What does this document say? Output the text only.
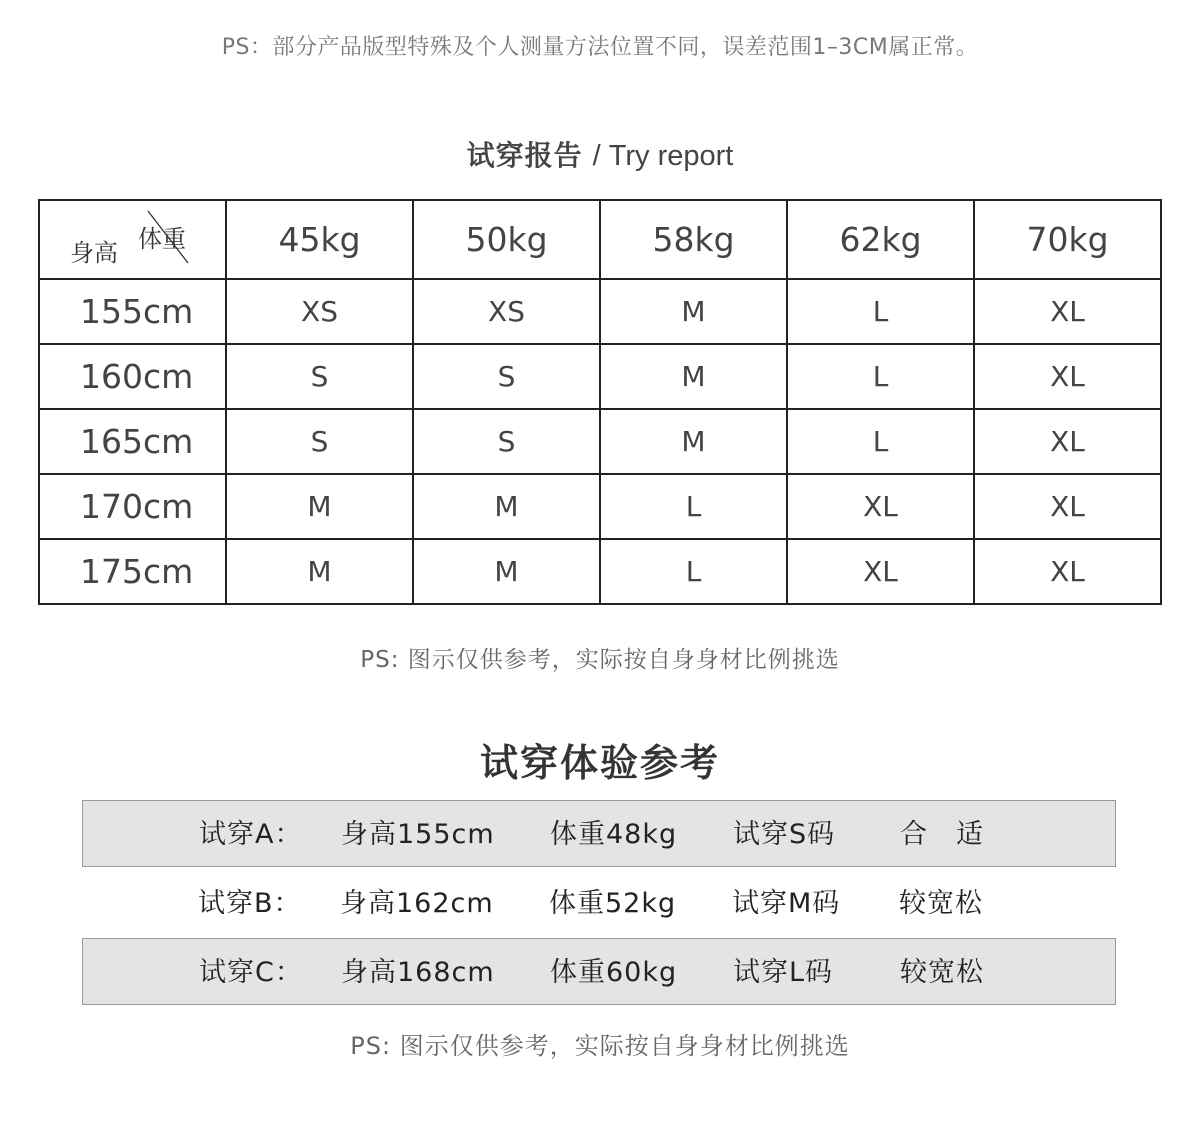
PS：部分产品版型特殊及个人测量方法位置不同，误差范围1–3CM属正常。
试穿报告 / Try report
体重
身高	45kg	50kg	58kg	62kg	70kg
155cm	XS	XS	M	L	XL
160cm	S	S	M	L	XL
165cm	S	S	M	L	XL
170cm	M	M	L	XL	XL
175cm	M	M	L	XL	XL
PS: 图示仅供参考，实际按自身身材比例挑选
试穿体验参考
试穿A： 身高155cm 体重48kg 试穿S码 合　适
试穿B： 身高162cm 体重52kg 试穿M码 较宽松
试穿C： 身高168cm 体重60kg 试穿L码 较宽松
PS: 图示仅供参考，实际按自身身材比例挑选
